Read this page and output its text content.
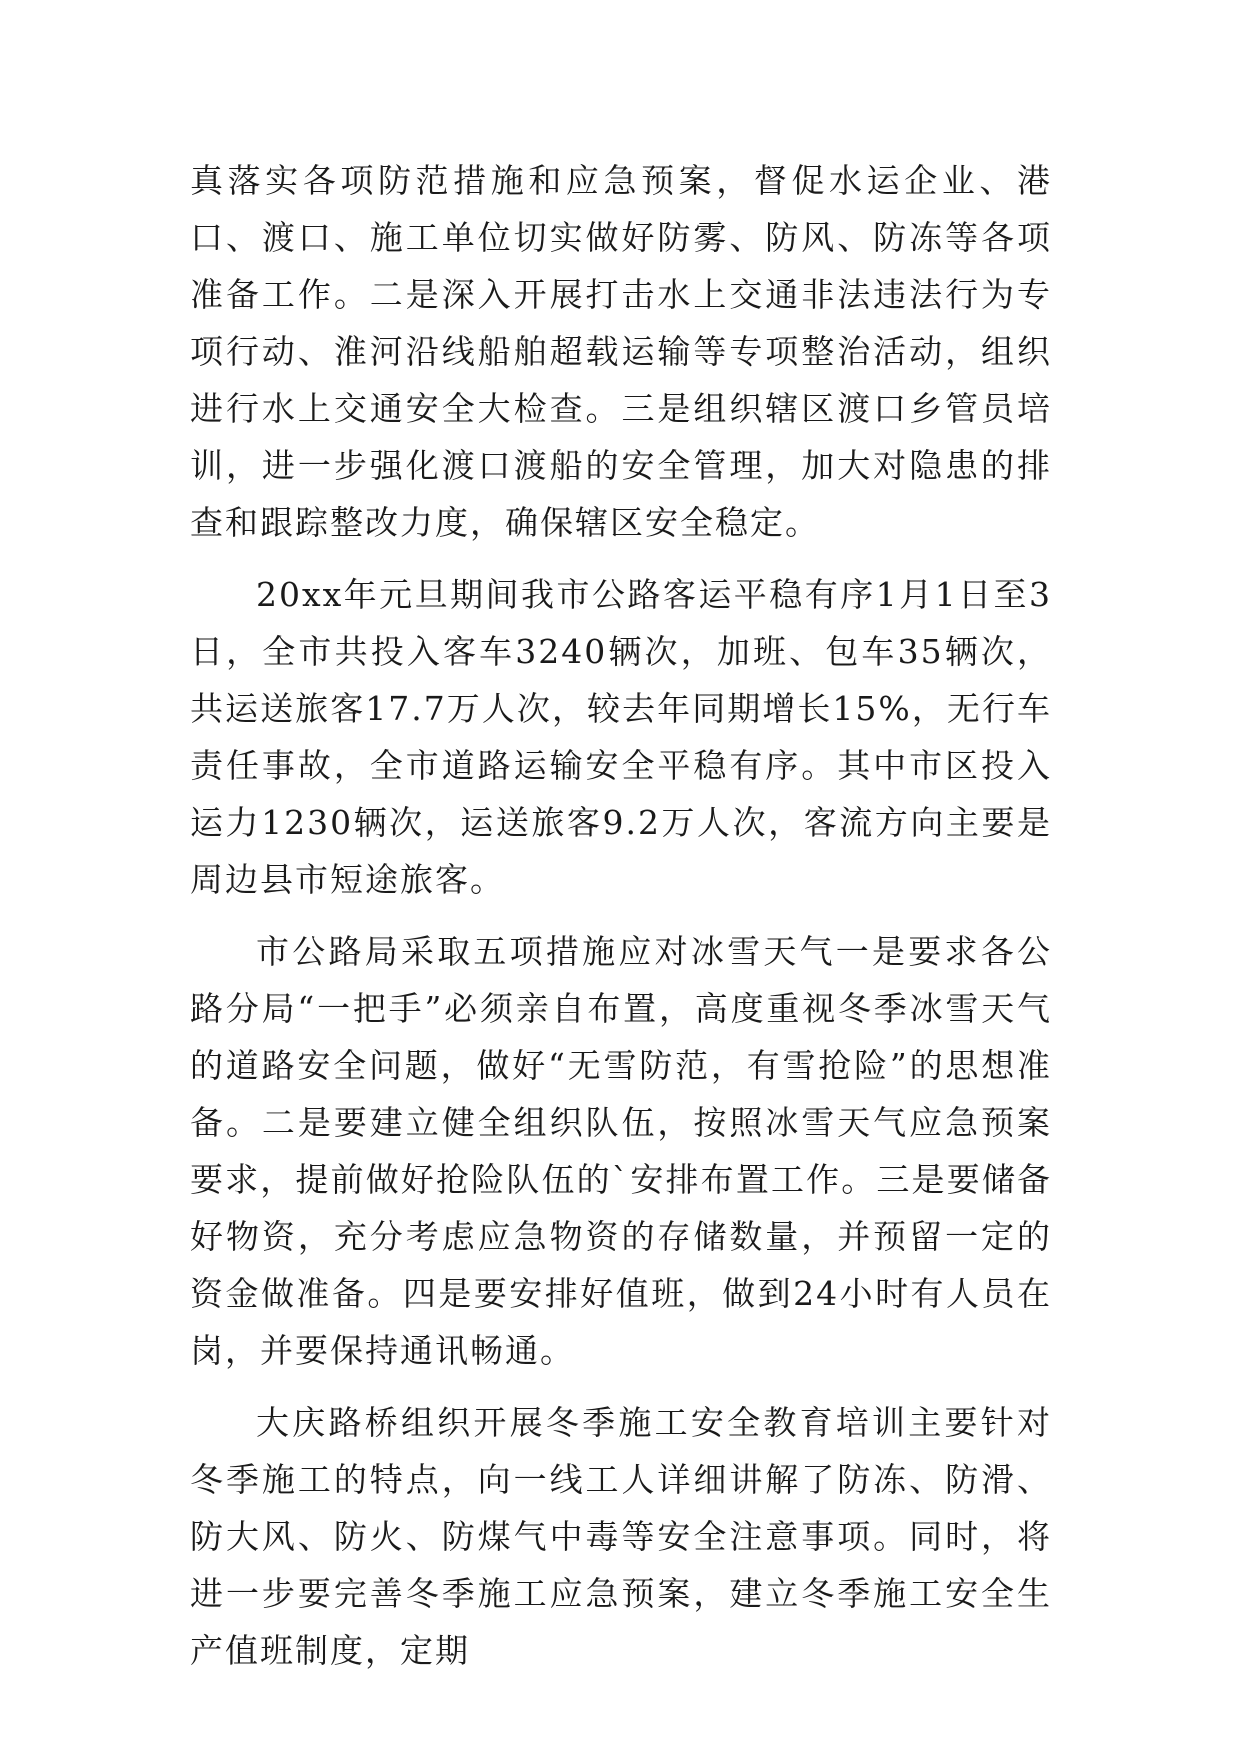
真落实各项防范措施和应急预案，督促水运企业、港口、渡口、施工单位切实做好防雾、防风、防冻等各项准备工作。二是深入开展打击水上交通非法违法行为专项行动、淮河沿线船舶超载运输等专项整治活动，组织进行水上交通安全大检查。三是组织辖区渡口乡管员培训，进一步强化渡口渡船的安全管理，加大对隐患的排查和跟踪整改力度，确保辖区安全稳定。

20xx年元旦期间我市公路客运平稳有序1月1日至3日，全市共投入客车3240辆次，加班、包车35辆次，共运送旅客17.7万人次，较去年同期增长15%，无行车责任事故，全市道路运输安全平稳有序。其中市区投入运力1230辆次，运送旅客9.2万人次，客流方向主要是周边县市短途旅客。

市公路局采取五项措施应对冰雪天气一是要求各公路分局“一把手”必须亲自布置，高度重视冬季冰雪天气的道路安全问题，做好“无雪防范，有雪抢险”的思想准备。二是要建立健全组织队伍，按照冰雪天气应急预案要求，提前做好抢险队伍的`安排布置工作。三是要储备好物资，充分考虑应急物资的存储数量，并预留一定的资金做准备。四是要安排好值班，做到24小时有人员在岗，并要保持通讯畅通。

大庆路桥组织开展冬季施工安全教育培训主要针对冬季施工的特点，向一线工人详细讲解了防冻、防滑、防大风、防火、防煤气中毒等安全注意事项。同时，将进一步要完善冬季施工应急预案，建立冬季施工安全生产值班制度，定期
